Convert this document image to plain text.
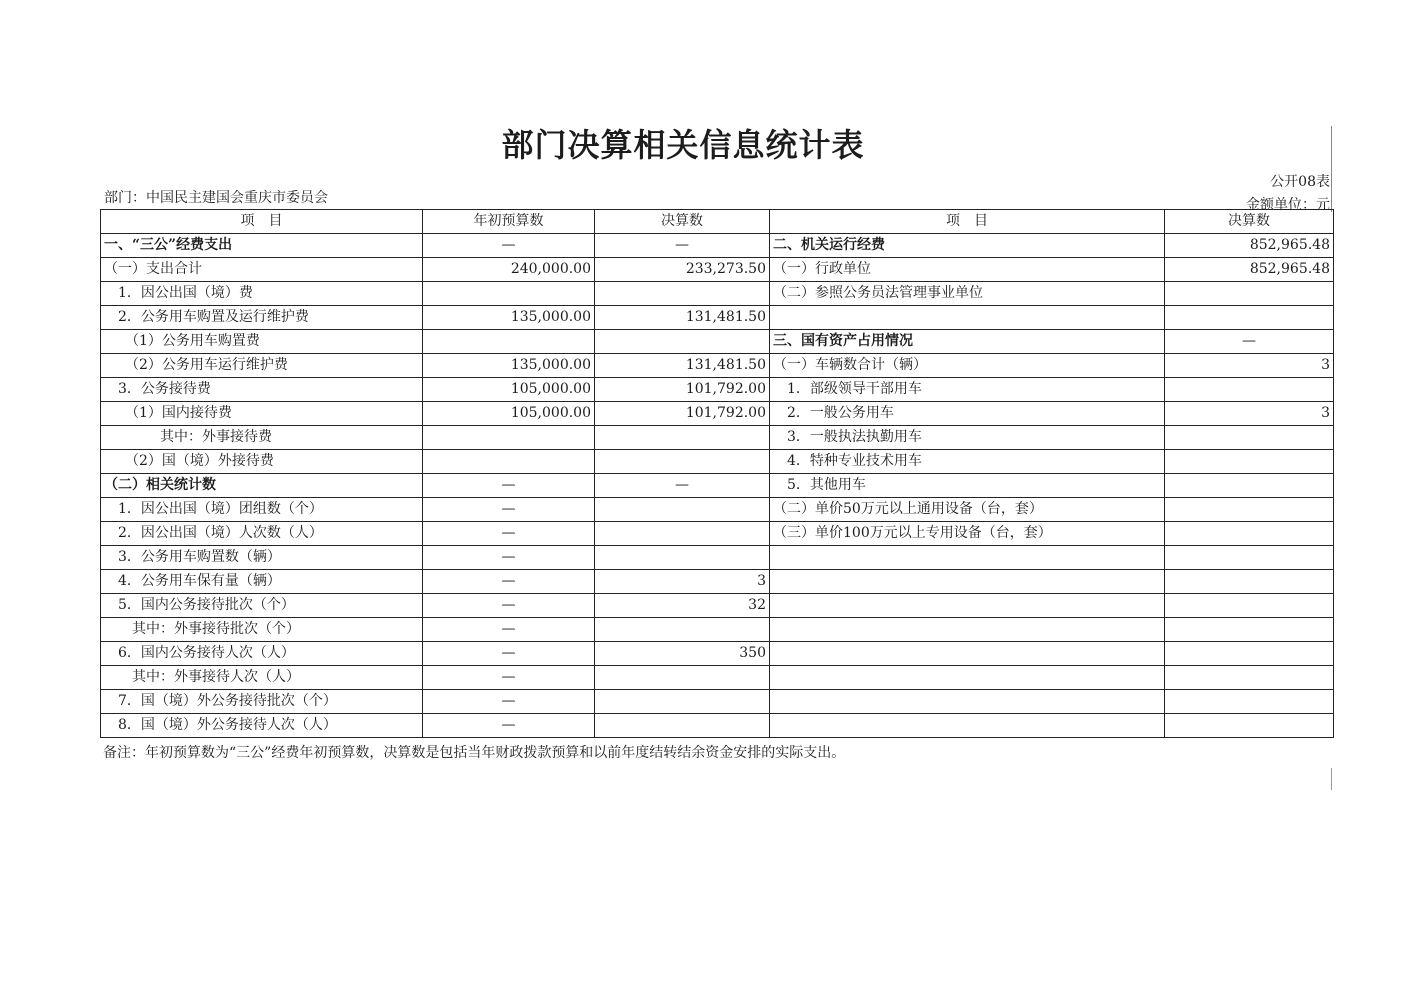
部门决算相关信息统计表
公开08表
部门：中国民主建国会重庆市委员会	金额单位：元
项　目	年初预算数	决算数	项　目	决算数
一、“三公”经费支出	—	—	二、机关运行经费	852,965.48
（一）支出合计	240,000.00	233,273.50	（一）行政单位	852,965.48
　1．因公出国（境）费			（二）参照公务员法管理事业单位	
　2．公务用车购置及运行维护费	135,000.00	131,481.50		
　　（1）公务用车购置费			三、国有资产占用情况	—
　　（2）公务用车运行维护费	135,000.00	131,481.50	（一）车辆数合计（辆）	3
　3．公务接待费	105,000.00	101,792.00	　1．部级领导干部用车	
　　（1）国内接待费	105,000.00	101,792.00	　2．一般公务用车	3
　　　　其中：外事接待费			　3．一般执法执勤用车	
　　（2）国（境）外接待费			　4．特种专业技术用车	
（二）相关统计数	—	—	　5．其他用车	
　1．因公出国（境）团组数（个）	—		（二）单价50万元以上通用设备（台，套）	
　2．因公出国（境）人次数（人）	—		（三）单价100万元以上专用设备（台，套）	
　3．公务用车购置数（辆）	—			
　4．公务用车保有量（辆）	—	3		
　5．国内公务接待批次（个）	—	32		
　　其中：外事接待批次（个）	—			
　6．国内公务接待人次（人）	—	350		
　　其中：外事接待人次（人）	—			
　7．国（境）外公务接待批次（个）	—			
　8．国（境）外公务接待人次（人）	—			
备注：年初预算数为“三公”经费年初预算数，决算数是包括当年财政拨款预算和以前年度结转结余资金安排的实际支出。
